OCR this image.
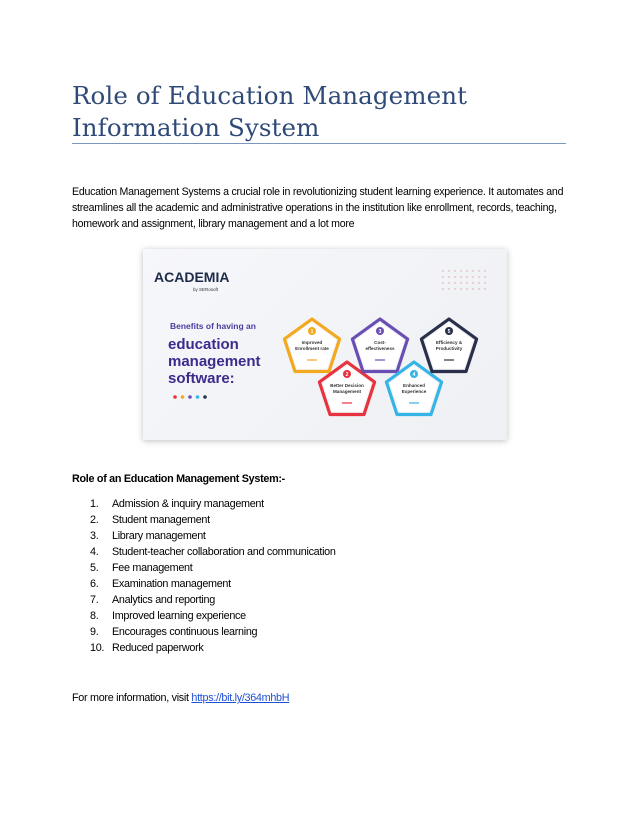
Role of Education Management Information System

Education Management Systems a crucial role in revolutionizing student learning experience. It automates and streamlines all the academic and administrative operations in the institution like enrollment, records, teaching, homework and assignment, library management and a lot more

ACADEMIA
by SERosoft
Benefits of having an
education
management
software:
1
Improved
Enrollment rate
2
Better Decision
Management
3
Cost-
effectiveness
4
Enhanced
Experience
5
Efficiency &
Productivity

Role of an Education Management System:-

1. Admission & inquiry management
2. Student management
3. Library management
4. Student-teacher collaboration and communication
5. Fee management
6. Examination management
7. Analytics and reporting
8. Improved learning experience
9. Encourages continuous learning
10. Reduced paperwork

For more information, visit https://bit.ly/364mhbH
